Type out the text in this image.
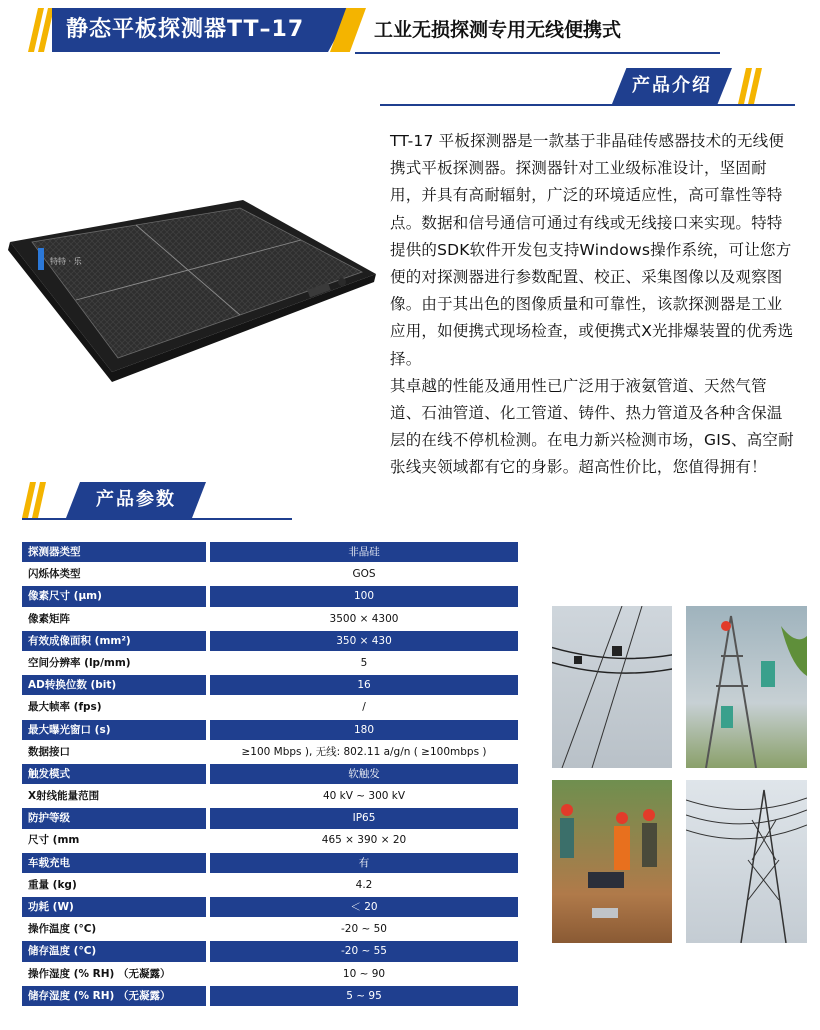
静态平板探测器TT–17	工业无损探测专用无线便携式
产品介绍
特特 · 乐

TT-17 平板探测器是一款基于非晶硅传感器技术的无线便携式平板探测器。探测器针对工业级标准设计，坚固耐用，并具有高耐辐射，广泛的环境适应性，高可靠性等特点。数据和信号通信可通过有线或无线接口来实现。特特提供的SDK软件开发包支持Windows操作系统，可让您方便的对探测器进行参数配置、校正、采集图像以及观察图像。由于其出色的图像质量和可靠性，该款探测器是工业应用，如便携式现场检查，或便携式X光排爆装置的优秀选择。

其卓越的性能及通用性已广泛用于液氨管道、天然气管道、石油管道、化工管道、铸件、热力管道及各种含保温层的在线不停机检测。在电力新兴检测市场，GIS、高空耐张线夹领域都有它的身影。超高性价比，您值得拥有！

产品参数
探测器类型	非晶硅
闪烁体类型	GOS
像素尺寸 (μm)	100
像素矩阵	3500 × 4300
有效成像面积 (mm²)	350 × 430
空间分辨率 (lp/mm)	5
AD转换位数 (bit)	16
最大帧率 (fps)	/
最大曝光窗口 (s)	180
数据接口	≥100 Mbps ), 无线: 802.11 a/g/n ( ≥100mbps )
触发模式	软触发
X射线能量范围	40 kV ~ 300 kV
防护等级	IP65
尺寸 (mm	465 × 390 × 20
车载充电	有
重量 (kg)	4.2
功耗 (W)	＜ 20
操作温度 (°C)	-20 ~ 50
储存温度 (°C)	-20 ~ 55
操作湿度 (% RH) （无凝露）	10 ~ 90
储存湿度 (% RH) （无凝露）	5 ~ 95
